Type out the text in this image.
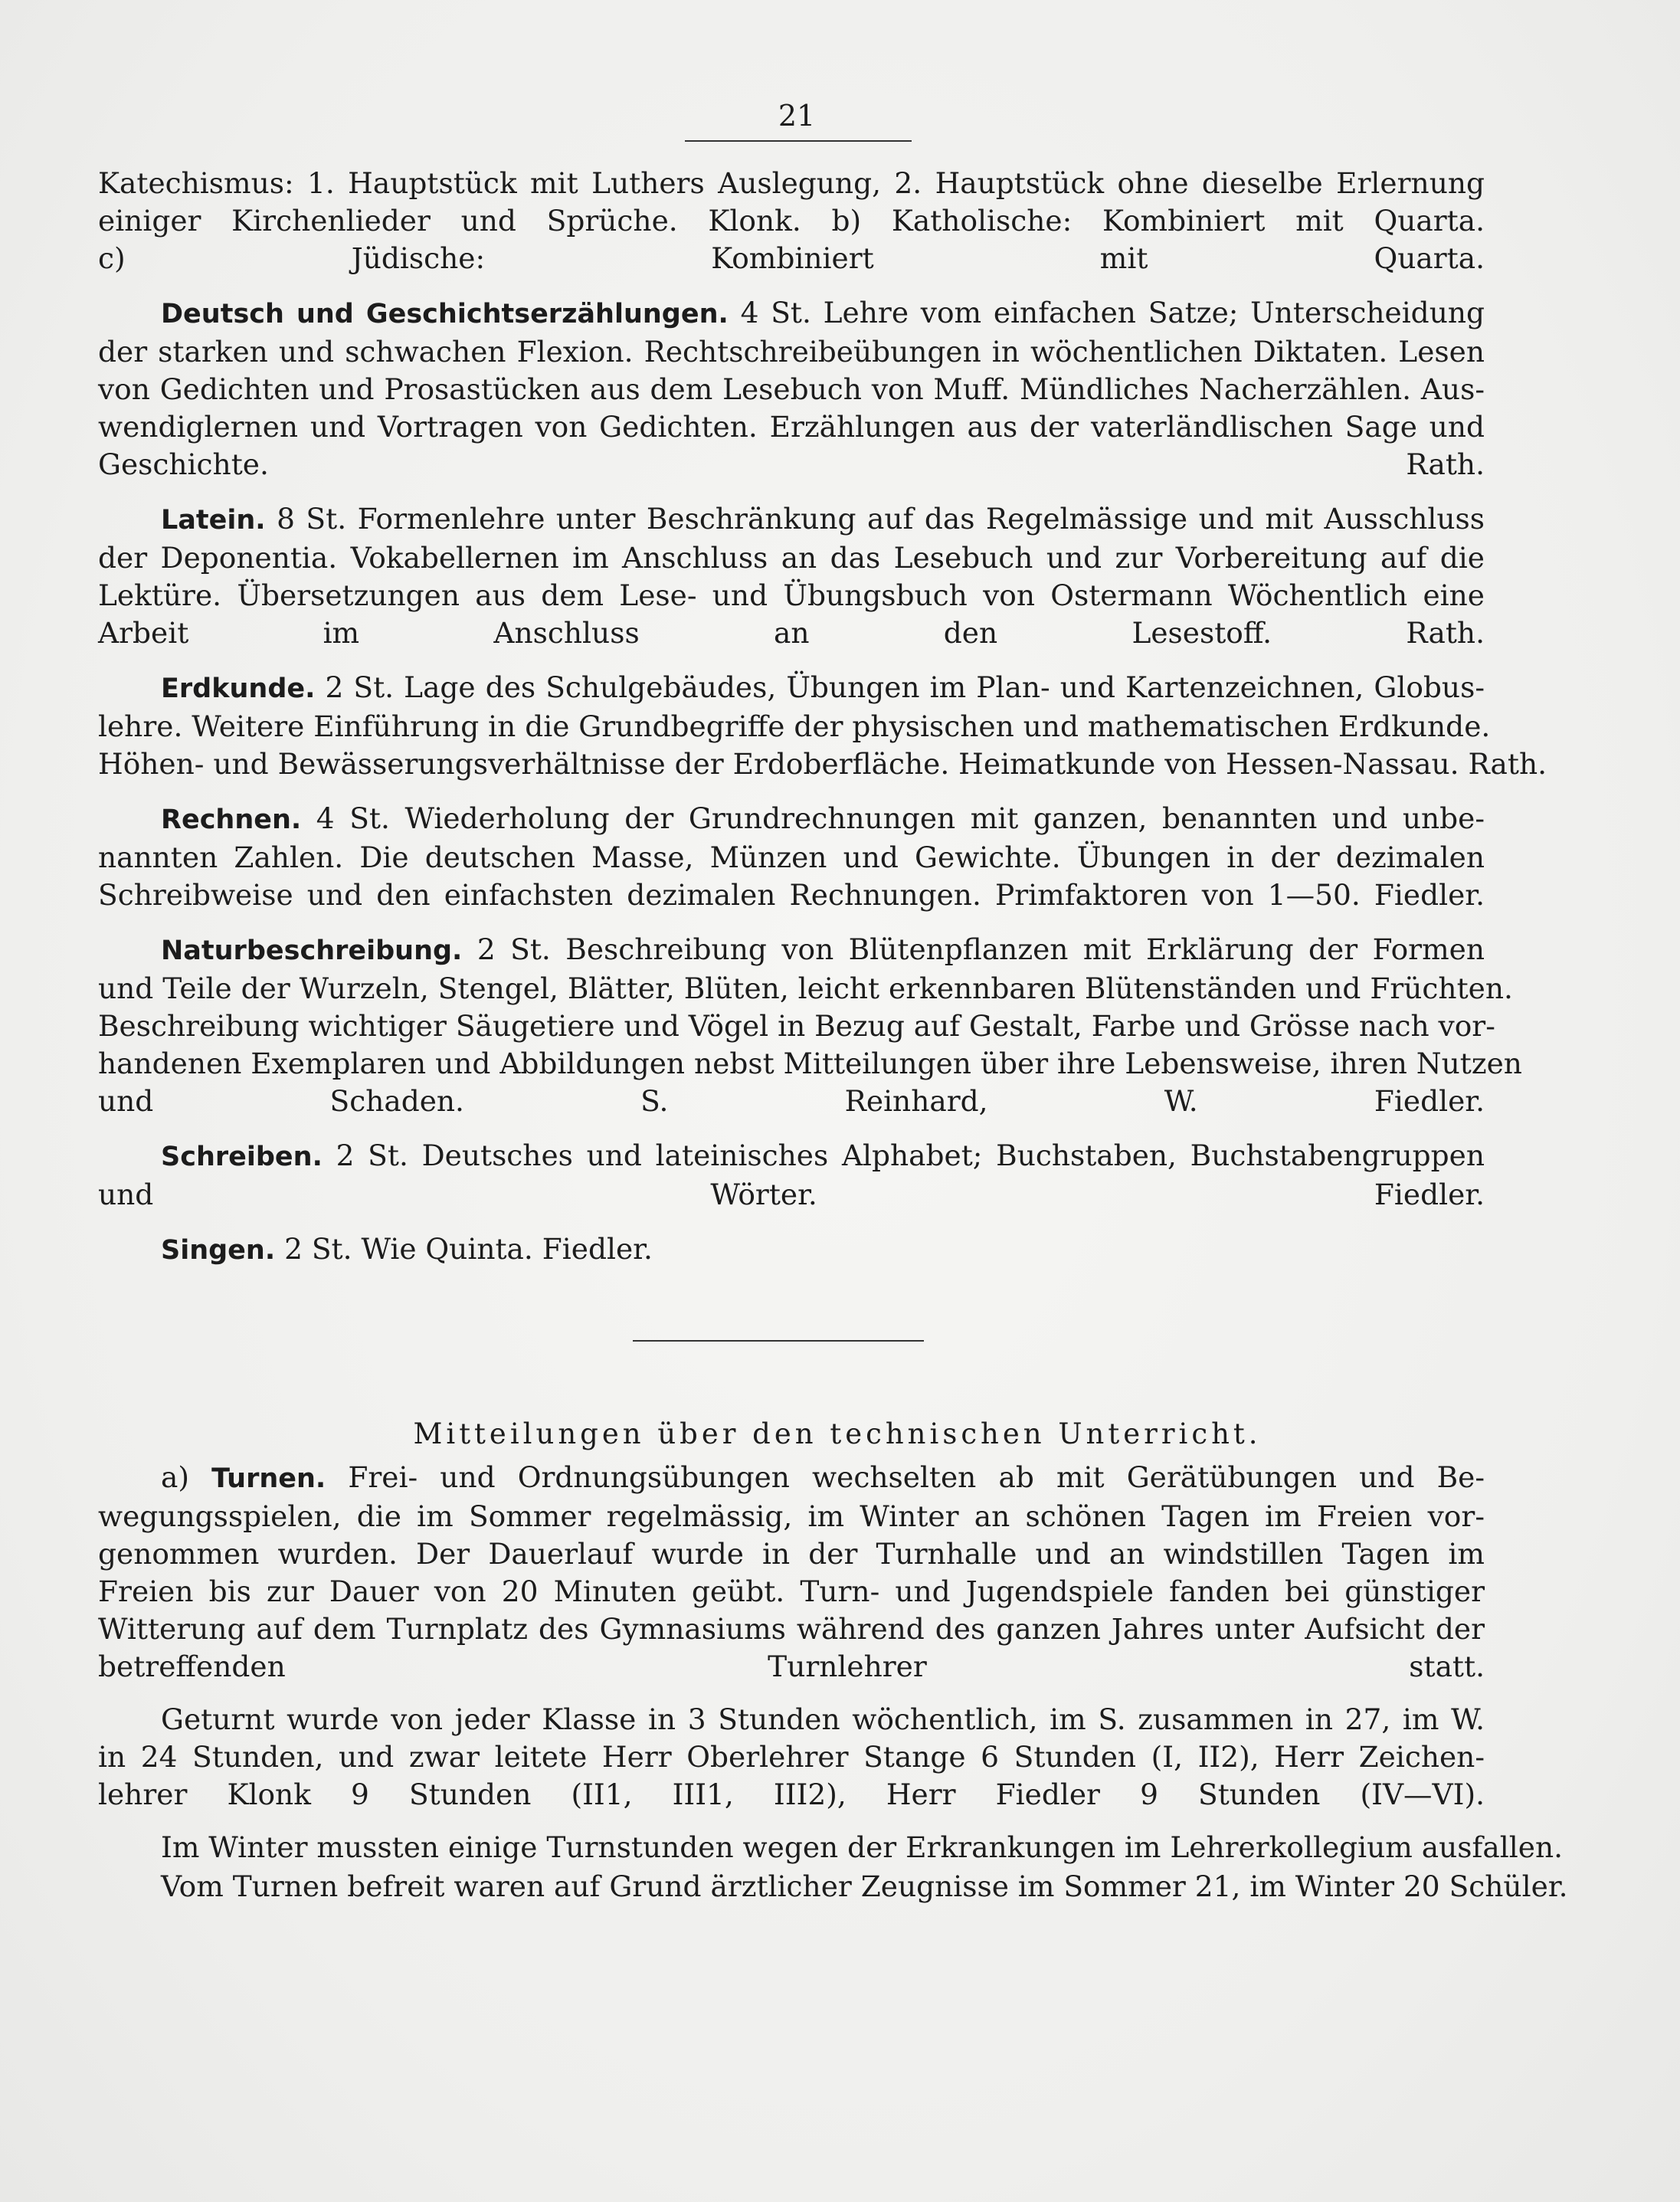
21
Katechismus: 1. Hauptstück mit Luthers Auslegung, 2. Hauptstück ohne dieselbe Erlernung
einiger Kirchenlieder und Sprüche. Klonk. b) Katholische: Kombiniert mit Quarta.
c) Jüdische: Kombiniert mit Quarta.
Deutsch und Geschichtserzählungen. 4 St. Lehre vom einfachen Satze; Unterscheidung
der starken und schwachen Flexion. Rechtschreibeübungen in wöchentlichen Diktaten. Lesen
von Gedichten und Prosastücken aus dem Lesebuch von Muff. Mündliches Nacherzählen. Aus-
wendiglernen und Vortragen von Gedichten. Erzählungen aus der vaterländlischen Sage und
Geschichte. Rath.
Latein. 8 St. Formenlehre unter Beschränkung auf das Regelmässige und mit Ausschluss
der Deponentia. Vokabellernen im Anschluss an das Lesebuch und zur Vorbereitung auf die
Lektüre. Übersetzungen aus dem Lese- und Übungsbuch von Ostermann Wöchentlich eine
Arbeit im Anschluss an den Lesestoff. Rath.
Erdkunde. 2 St. Lage des Schulgebäudes, Übungen im Plan- und Kartenzeichnen, Globus-
lehre. Weitere Einführung in die Grundbegriffe der physischen und mathematischen Erdkunde.
Höhen- und Bewässerungsverhältnisse der Erdoberfläche. Heimatkunde von Hessen-Nassau. Rath.
Rechnen. 4 St. Wiederholung der Grundrechnungen mit ganzen, benannten und unbe-
nannten Zahlen. Die deutschen Masse, Münzen und Gewichte. Übungen in der dezimalen
Schreibweise und den einfachsten dezimalen Rechnungen. Primfaktoren von 1—50. Fiedler.
Naturbeschreibung. 2 St. Beschreibung von Blütenpflanzen mit Erklärung der Formen
und Teile der Wurzeln, Stengel, Blätter, Blüten, leicht erkennbaren Blütenständen und Früchten.
Beschreibung wichtiger Säugetiere und Vögel in Bezug auf Gestalt, Farbe und Grösse nach vor-
handenen Exemplaren und Abbildungen nebst Mitteilungen über ihre Lebensweise, ihren Nutzen
und Schaden. S. Reinhard, W. Fiedler.
Schreiben. 2 St. Deutsches und lateinisches Alphabet; Buchstaben, Buchstabengruppen
und Wörter. Fiedler.
Singen. 2 St. Wie Quinta. Fiedler.
Mitteilungen über den technischen Unterricht.
a) Turnen. Frei- und Ordnungsübungen wechselten ab mit Gerätübungen und Be-
wegungsspielen, die im Sommer regelmässig, im Winter an schönen Tagen im Freien vor-
genommen wurden. Der Dauerlauf wurde in der Turnhalle und an windstillen Tagen im
Freien bis zur Dauer von 20 Minuten geübt. Turn- und Jugendspiele fanden bei günstiger
Witterung auf dem Turnplatz des Gymnasiums während des ganzen Jahres unter Aufsicht der
betreffenden Turnlehrer statt.
Geturnt wurde von jeder Klasse in 3 Stunden wöchentlich, im S. zusammen in 27, im W.
in 24 Stunden, und zwar leitete Herr Oberlehrer Stange 6 Stunden (I, II2), Herr Zeichen-
lehrer Klonk 9 Stunden (II1, III1, III2), Herr Fiedler 9 Stunden (IV—VI).
Im Winter mussten einige Turnstunden wegen der Erkrankungen im Lehrerkollegium ausfallen.
Vom Turnen befreit waren auf Grund ärztlicher Zeugnisse im Sommer 21, im Winter 20 Schüler.
